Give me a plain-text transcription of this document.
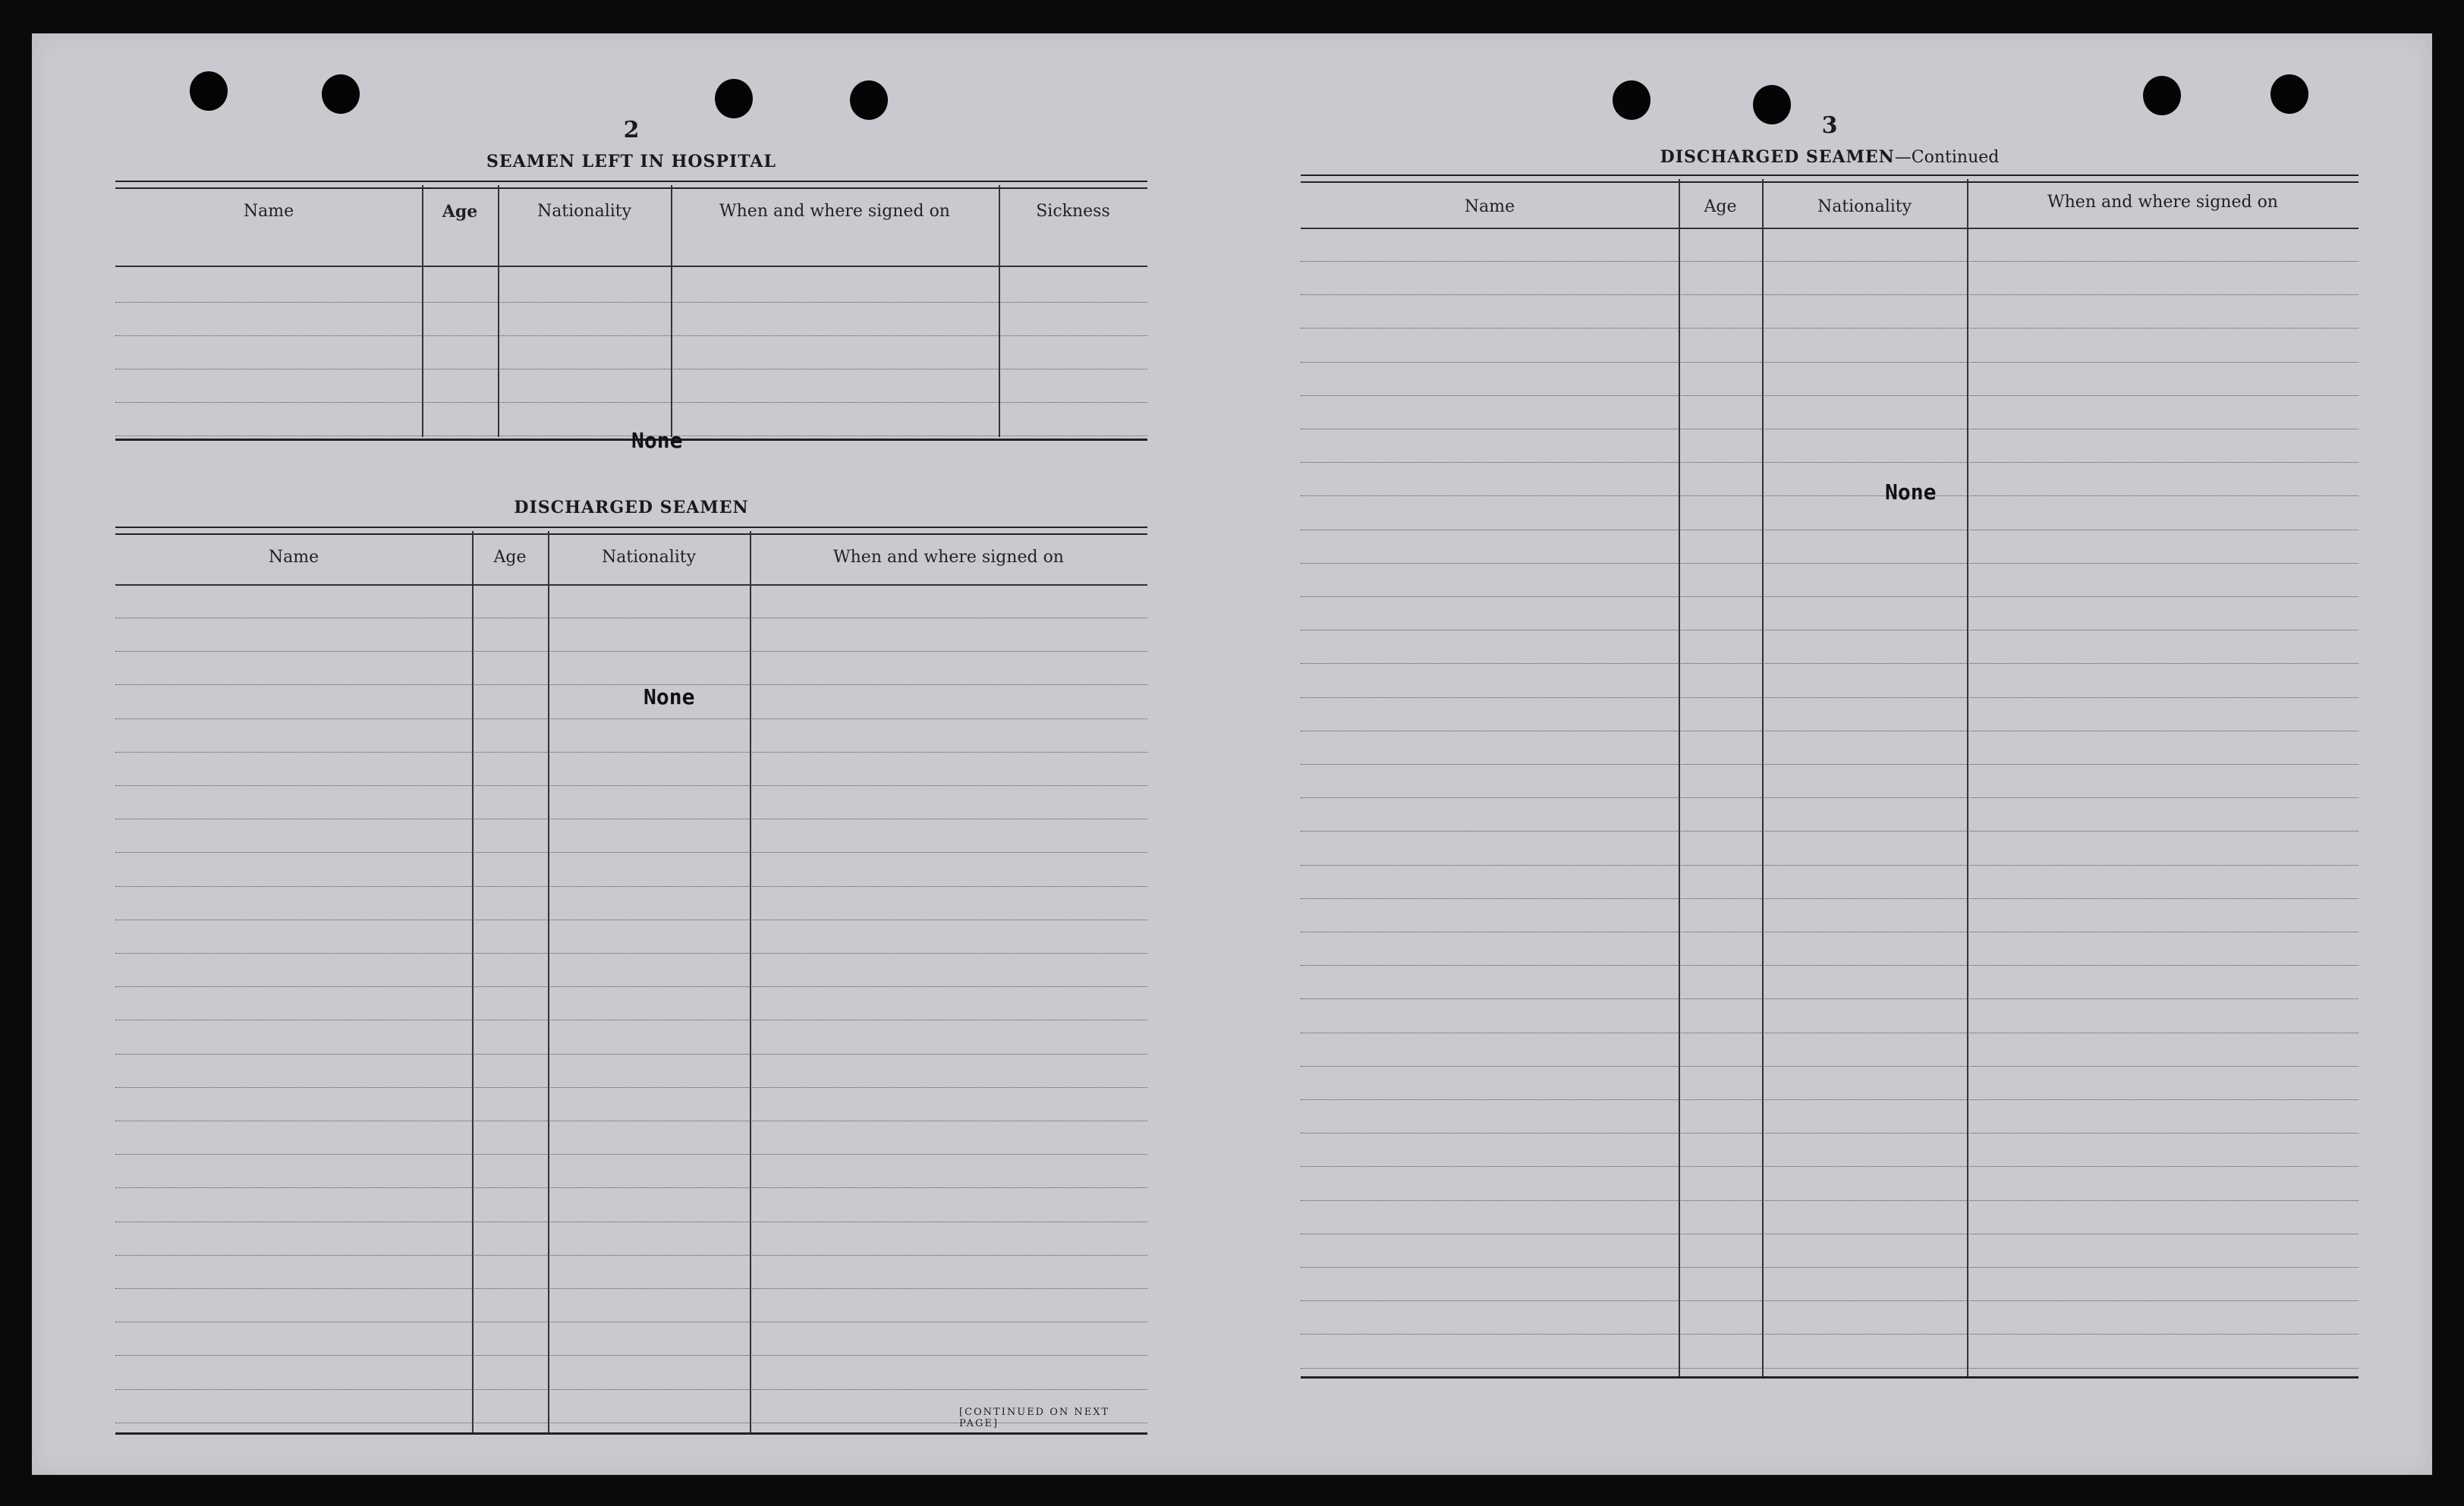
2
SEAMEN LEFT IN HOSPITAL
Name	Age	Nationality	When and where signed on	Sickness
None
DISCHARGED SEAMEN
Name	Age	Nationality	When and where signed on
None
[CONTINUED ON NEXT PAGE]
3
DISCHARGED SEAMEN—Continued
Name	Age	Nationality	When and where signed on
None
